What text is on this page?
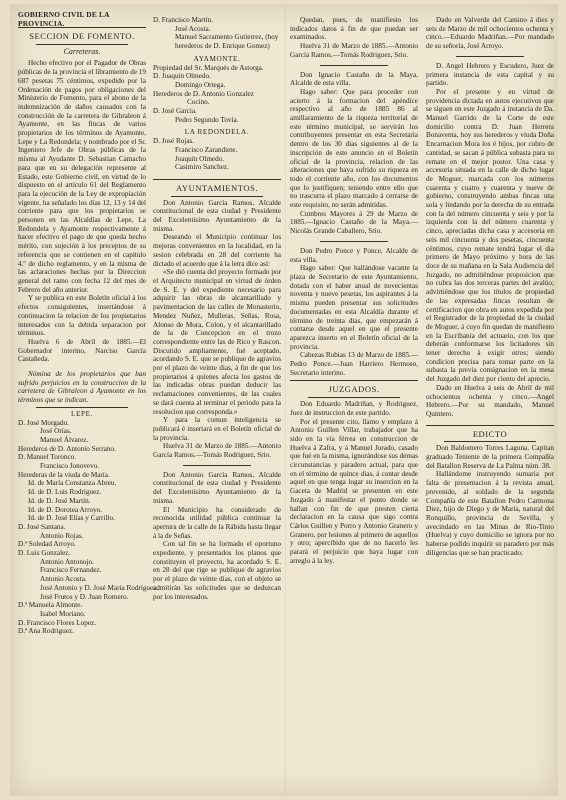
GOBIERNO CIVIL DE LA PROVINCIA.
SECCION DE FOMENTO.
Carreteras.

Hecho efectivo por el Pagador de Obras públicas de la provincia el libramiento de 19 687 pesetas 75 céntimos, expedido por la Ordenación de pagos por obligaciones del Ministerio de Fomento, para el abono de la indemnización de daños causados con la construcción de la carretera de Gibraleon á Ayamonte, en las fincas de varios propietarios de los términos de Ayamonte, Lepe y La Redondela; y nombrado por el Sr. Ingeniero Jefe de Obras públicas de la misma al Ayudante D. Sebastian Camacho para que en su delegación represente al Estado, este Gobierno civil, en virtud de lo dispuesto en el artículo 61 del Reglamento para la ejecución de la Ley de expropiación vigente, ha señalado los días 12, 13 y 14 del corriente para que los propietarios se personen en las Alcaldías de Lepe, La Redondela y Ayamonte respectivamente á hacer efectivo el pago de que queda hecho mérito, con sujeción á los preceptos de su referencia que se contienen en el capítulo 4.º de dicho reglamento, y en la misma de las aclaraciones hechas por la Direccion general del ramo con fecha 12 del mes de Febrero del año anterior.

Y se publica en este Boletín oficial á los efectos consiguientes, insertándose á continuacion la relacion de los propietarios interesados con la debida separacion por términos.

Huelva 6 de Abril de 1885.—El Gobernador interino, Narciso García Castañeda.

Nómina de los propietarios que han sufrido perjuicios en la construccion de la carretera de Gibraleon á Ayamonte en los términos que se indican.

LEPE.
D. José Morgado.
José Orías.
Manuel Álvarez.
Herederos de D. Antonio Serrano.
D. Manuel Toronco.
Francisco Jonovevo.
Herederas de la viuda de María.
Id. de María Constanza Abreu.
Id. de D. Luis Rodríguez.
Id. de D. José Martín.
Id. de D. Dorotea Arroyo.
Id. de D. José Elías y Carrillo.
D. José Santana.
Antonio Rojas.
D.ª Soledad Arroyo.
D. Luis Gonzalez.
Antonio Antonojo.
Francisco Fernandez.
Antonio Acosta.
José Antonio y D. José Maria Rodriguez.
José Frutos y D. Juan Romero.
D.ª Manuela Almonte.
Isabel Moriano.
D. Francisco Flores Lopez.
D.ª Ana Rodriguez.
D. Francisco Martin.
José Acosta.
Manuel Sacramento Gutierrez, (hoy
herederos de D. Enrique Gomez)
AYAMONTE.
Propiedad del Sr. Marqués de Astorga.
D. Joaquin Olmedo.
Domingo Ortega.
Herederos de D. Antonio Gonzalez
Cocino.
D. José Garcia.
Pedro Segundo Tovía.
LA REDONDELA.
D. José Rojas.
Francisco Zarandiete.
Joaquín Olmedo.
Casimiro Sanchez.
AYUNTAMIENTOS.

Don Antonio García Ramos, Alcalde constitucional de esta ciudad y Presidente del Excelentísimo Ayuntamiento de la misma.

Deseando el Municipio continuar los mejoras convenientes en la localidad, en la sesion celebrada en 28 del corriente ha dictado el acuerdo que á la letra dice así:

«Se dió cuenta del proyecto formado por el Arquitecto municipal en virtud de órden de S. E. y del expediente necesario para adquirir las obras de alcantarillado y pavimentacion de las calles de Monasterio, Mendez Nuñez, Mulleras, Señas, Rosa, Alonso de Mora, Colon, y el alcantarillado de la de Concepcion en el trozo correspondiente entre las de Rico y Rascon. Discutido ampliamente, fué aceptado, acordando S. E. que se publique de agravios por el plazo de veinte dias, á fin de que los propietarios á quienes afecta los gastos de las indicadas obras puedan deducir las reclamaciones convenientes, de las cuales se dará cuenta al terminar el periodo para la resolucion que corresponda.»

Y para la comun inteligencia se publicará é insertará en el Boletín oficial de la provincia.

Huelva 31 de Marzo de 1885.—Antonio García Ramos.—Tomás Rodriguez, Srio.

Don Antonio García Ramos, Alcalde constitucional de esta ciudad y Presidente del Excelentísimo Ayuntamiento de la misma.

El Municipio ha considerado de reconocida utilidad pública continuar la apertura de la calle de la Rábida hasta llegar á la de Señas.

Con tal fin se ha formado el oportuno expediente, y presentados los planos que constituyen el proyecto, ha acordado S. E. en 28 del que rige se publique de agravios por el plazo de veinte dias, con el objeto se admitirán las solicitudes que se deduzcan por los interesados.

Quedan, pues, de manifiesto los indicados datos á fin de que puedan ser examinados.

Huelva 31 de Marzo de 1885.—Antonio García Ramos.—Tomás Rodriguez, Srio.

Don Ignacio Castaño de la Maya, Alcalde de esta villa.

Hago saber: Que para proceder con acierto á la formacion del apéndice respectivo al año de 1885 86 al amillaramiento de la riqueza territorial de este término municipal, se servirán los contribuyentes presentar en esta Secretaría dentro de los 30 dias siguientes al de la inscripción de este anuncio en el Boletín oficial de la provincia, relacion de las alteraciones que haya sufrido su riqueza en todo el corriente año, con los documentos que lo justifiquen; teniendo entre ello que no trascurra el plazo marcado á cerrarse de este requisito, no serán admitidas.

Cumbres Mayores á 29 de Marzo de 1885.—Ignacio Castaño de la Maya.—Nicolás Grande Caballero, Srio.

Don Pedro Ponce y Ponce, Alcalde de esta villa.

Hago saber: Que hallándose vacante la plaza de Secretario de este Ayuntamiento, dotada con el haber anual de novecientas noventa y nueve pesetas, los aspirantes á la misma pueden presentar sus solicitudes documentadas en esta Alcaldía durante el término de treinta dias, que empezarán á contarse desde aquel en que el presente aparezca inserto en el Boletín oficial de la provincia.

Cabezas Rubias 13 de Marzo de 1885.—Pedro Ponce.—Juan Harriero Hermoso, Secretario interino.

JUZGADOS.

Don Eduardo Madriñan, y Rodriguez, Juez de instruccion de este partido.

Por el presente cito, llamo y emplazo á Antonio Guillen Villar, trabajador que ha sido en la vía férrea en construccion de Huelva á Zafra, y á Manuel Jurado, casado que fué en la misma, ignorándose sus demas circunstancias y paradero actual, para que en el término de quince dias, á contar desde aquel en que tenga lugar su insercion en la Gaceta de Madrid se presenten en este Juzgado á manifestar el punto donde se hallan con fin de que presten cierta declaracion en la causa que sigo contra Cárlos Guillen y Porro y Antonio Granero y Granero, por lesiones al primero de aquellos y otro; apercibido que de no hacerlo les parará el perjuicio que haya lugar con arreglo á la ley.

Dado en Valverde del Camino á dies y seis de Marzo de mil ochocientos ochenta y cinco.—Eduardo Madriñan.—Por mandado de su señoría, José Arroyo.

D. Angel Hebrero y Escudero, Juez de primera instancia de esta capital y su partido.

Por el presente y en virtud de providencia dictada en autos ejecutivos que se siguen en este Juzgado á instancia de Da. Manuel Garrido de la Corte de este domicilio contra D. Juan Herrera Bonaventa, hoy sus herederos y viuda Doña Encarnacion Mora los é hijos, por cobro de cantidad, se sacan á pública subasta para su remate en el mejor postor. Una casa y accesoria situada en la calle de dicho lugar de Moguer, marcada con los números cuarenta y cuatro y cuarenta y nueve de gobierno, construyendo ambas fincas una sola y lindando por la derecha de su entrada con la del número cincuenta y seis y por la izquierda con la del número cuarenta y cinco, apreciadas dicha casa y accesoria en seis mil cincuenta y dos pesetas, cincuenta céntimos, cuyo remate tendrá lugar el dia primero de Mayo próximo y hora de las doce de su mañana en la Sala Audiencia del Juzgado, no admitiéndose proposicion que no cubra las dos terceras partes del avalúo; advirtiéndose que los títulos de propiedad de las expresadas fincas resultan de certificacion que obra en autos expedida por el Registrador de la propiedad de la ciudad de Moguer, á cuyo fin quedan de manifiesto en la Escribanía del actuario, con los que deberán conformarse los licitadores sin tener derecho á exigir otros; siendo condicion precisa para tomar parte en la subasta la previa consignacion en la mesa del Juzgado del diez por ciento del aprecio.

Dado en Huelva á seis de Abril de mil ochocientos ochenta y cinco.—Angel Hebrero.—Por su mandado, Manuel Quintero.

EDICTO

Don Baldomero Torres Laguna, Capitan graduado Teniente de la primera Compañía del Batallon Reserva de La Palma núm. 38.

Hallándome instruyendo sumaria por falta de presentacion á la revista anual, prevenido, al soldado de la segunda Compañía de este Batallon Pedro Carmona Diez, hijo de Diego y de María, natural del Ronquillo, provincia de Sevilla, y avecindado en las Minas de Rio-Tinto (Huelva) y cuyo domicilio se ignora por no haberse podido inquirir su paradero por más diligencias que se han practicado;
